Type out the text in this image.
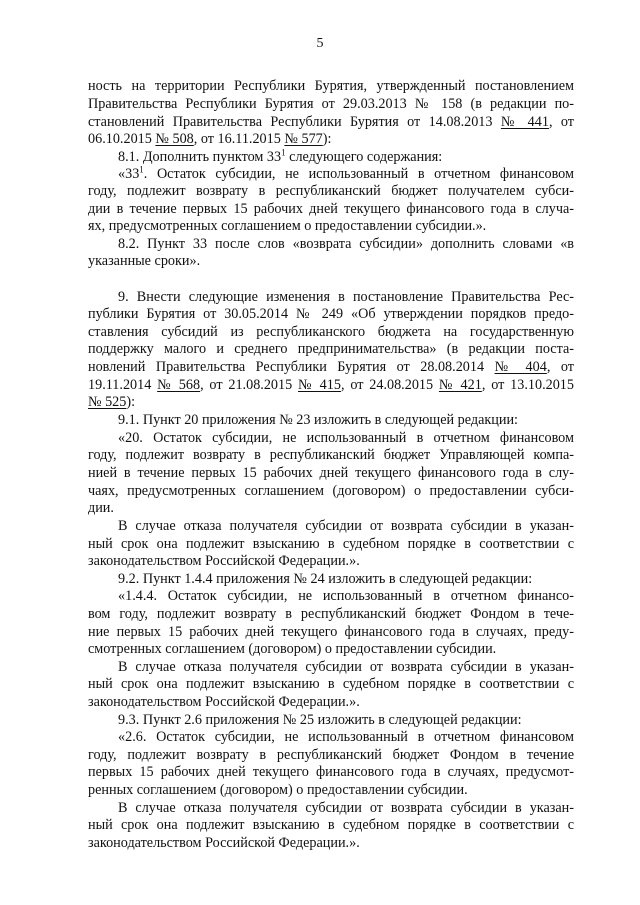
5
ность на территории Республики Бурятия, утвержденный постановлением
Правительства Республики Бурятия от 29.03.2013 № 158 (в редакции по-
становлений Правительства Республики Бурятия от 14.08.2013 № 441, от
06.10.2015 № 508, от 16.11.2015 № 577):
8.1. Дополнить пунктом $33^1$ следующего содержания:
«$33^1$. Остаток субсидии, не использованный в отчетном финансовом
году, подлежит возврату в республиканский бюджет получателем субси-
дии в течение первых 15 рабочих дней текущего финансового года в случа-
ях, предусмотренных соглашением о предоставлении субсидии.».
8.2. Пункт 33 после слов «возврата субсидии» дополнить словами «в
указанные сроки».
9. Внести следующие изменения в постановление Правительства Рес-
публики Бурятия от 30.05.2014 № 249 «Об утверждении порядков предо-
ставления субсидий из республиканского бюджета на государственную
поддержку малого и среднего предпринимательства» (в редакции поста-
новлений Правительства Республики Бурятия от 28.08.2014 № 404, от
19.11.2014 № 568, от 21.08.2015 № 415, от 24.08.2015 № 421, от 13.10.2015
№ 525):
9.1. Пункт 20 приложения № 23 изложить в следующей редакции:
«20. Остаток субсидии, не использованный в отчетном финансовом
году, подлежит возврату в республиканский бюджет Управляющей компа-
нией в течение первых 15 рабочих дней текущего финансового года в слу-
чаях, предусмотренных соглашением (договором) о предоставлении субси-
дии.
В случае отказа получателя субсидии от возврата субсидии в указан-
ный срок она подлежит взысканию в судебном порядке в соответствии с
законодательством Российской Федерации.».
9.2. Пункт 1.4.4 приложения № 24 изложить в следующей редакции:
«1.4.4. Остаток субсидии, не использованный в отчетном финансо-
вом году, подлежит возврату в республиканский бюджет Фондом в тече-
ние первых 15 рабочих дней текущего финансового года в случаях, преду-
смотренных соглашением (договором) о предоставлении субсидии.
В случае отказа получателя субсидии от возврата субсидии в указан-
ный срок она подлежит взысканию в судебном порядке в соответствии с
законодательством Российской Федерации.».
9.3. Пункт 2.6 приложения № 25 изложить в следующей редакции:
«2.6. Остаток субсидии, не использованный в отчетном финансовом
году, подлежит возврату в республиканский бюджет Фондом в течение
первых 15 рабочих дней текущего финансового года в случаях, предусмот-
ренных соглашением (договором) о предоставлении субсидии.
В случае отказа получателя субсидии от возврата субсидии в указан-
ный срок она подлежит взысканию в судебном порядке в соответствии с
законодательством Российской Федерации.».
